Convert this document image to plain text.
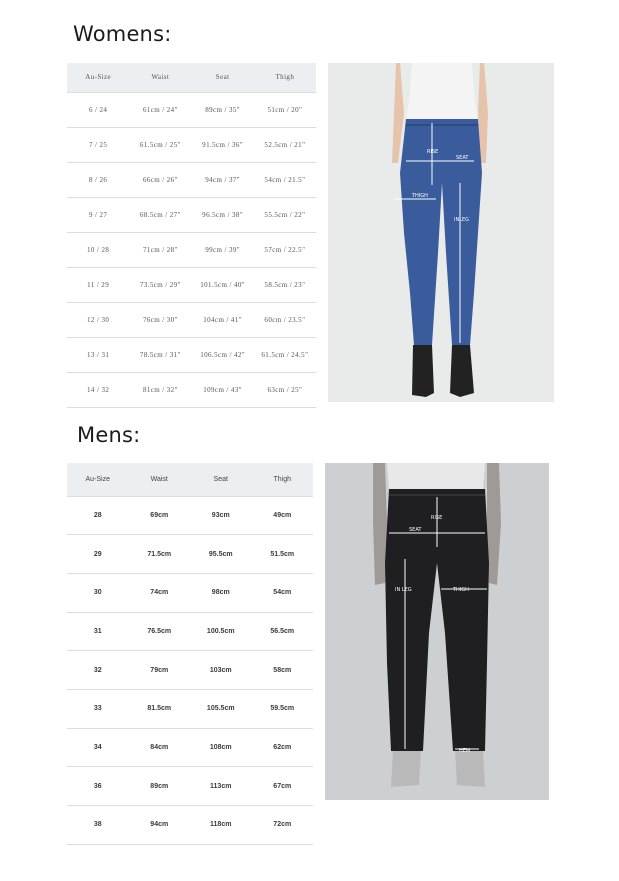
Womens:
Au-Size	Waist	Seat	Thigh
6 / 24	61cm / 24"	89cm / 35"	51cm / 20"
7 / 25	61.5cm / 25"	91.5cm / 36"	52.5cm / 21"
8 / 26	66cm / 26"	94cm / 37"	54cm / 21.5"
9 / 27	68.5cm / 27"	96.5cm / 38"	55.5cm / 22"
10 / 28	71cm / 28"	99cm / 39"	57cm / 22.5"
11 / 29	73.5cm / 29"	101.5cm / 40"	58.5cm / 23"
12 / 30	76cm / 30"	104cm / 41"	60cm / 23.5"
13 / 31	78.5cm / 31"	106.5cm / 42"	61.5cm / 24.5"
14 / 32	81cm / 32"	109cm / 43"	63cm / 25"
RISE
SEAT
THIGH
INLEG
Mens:
Au-Size	Waist	Seat	Thigh
28	69cm	93cm	49cm
29	71.5cm	95.5cm	51.5cm
30	74cm	98cm	54cm
31	76.5cm	100.5cm	56.5cm
32	79cm	103cm	58cm
33	81.5cm	105.5cm	59.5cm
34	84cm	108cm	62cm
36	89cm	113cm	67cm
38	94cm	118cm	72cm
RISE
SEAT
IN LEG	THIGH
HEM
